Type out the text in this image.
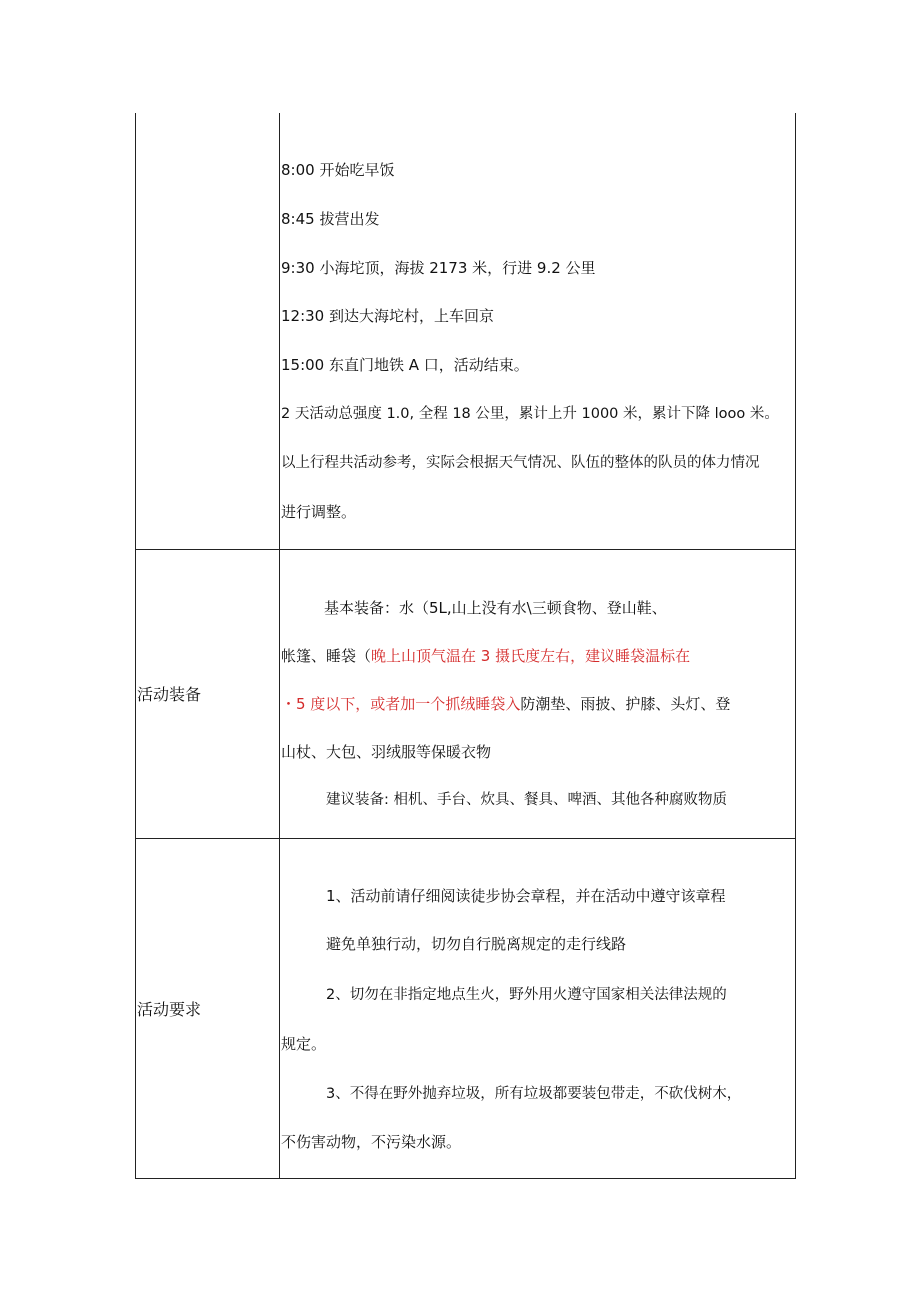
8:00 开始吃早饭
8:45 拔营出发
9:30 小海坨顶，海拔 2173 米，行进 9.2 公里
12:30 到达大海坨村，上车回京
15:00 东直门地铁 A 口，活动结束。
2 天活动总强度 1.0, 全程 18 公里，累计上升 1000 米，累计下降 lооо 米。
以上行程共活动参考，实际会根据天气情况、队伍的整体的队员的体力情况
进行调整。
活动装备
基本装备：水（5L,山上没有水\三顿食物、登山鞋、
帐篷、睡袋（晚上山顶气温在 3 摄氏度左右，建议睡袋温标在
・5 度以下，或者加一个抓绒睡袋入防潮垫、雨披、护膝、头灯、登
山杖、大包、羽绒服等保暖衣物
建议装备: 相机、手台、炊具、餐具、啤酒、其他各种腐败物质
活动要求
1、活动前请仔细阅读徒步协会章程，并在活动中遵守该章程
避免单独行动，切勿自行脱离规定的走行线路
2、切勿在非指定地点生火，野外用火遵守国家相关法律法规的
规定。
3、不得在野外抛弃垃圾，所有垃圾都要装包带走，不砍伐树木，
不伤害动物，不污染水源。
